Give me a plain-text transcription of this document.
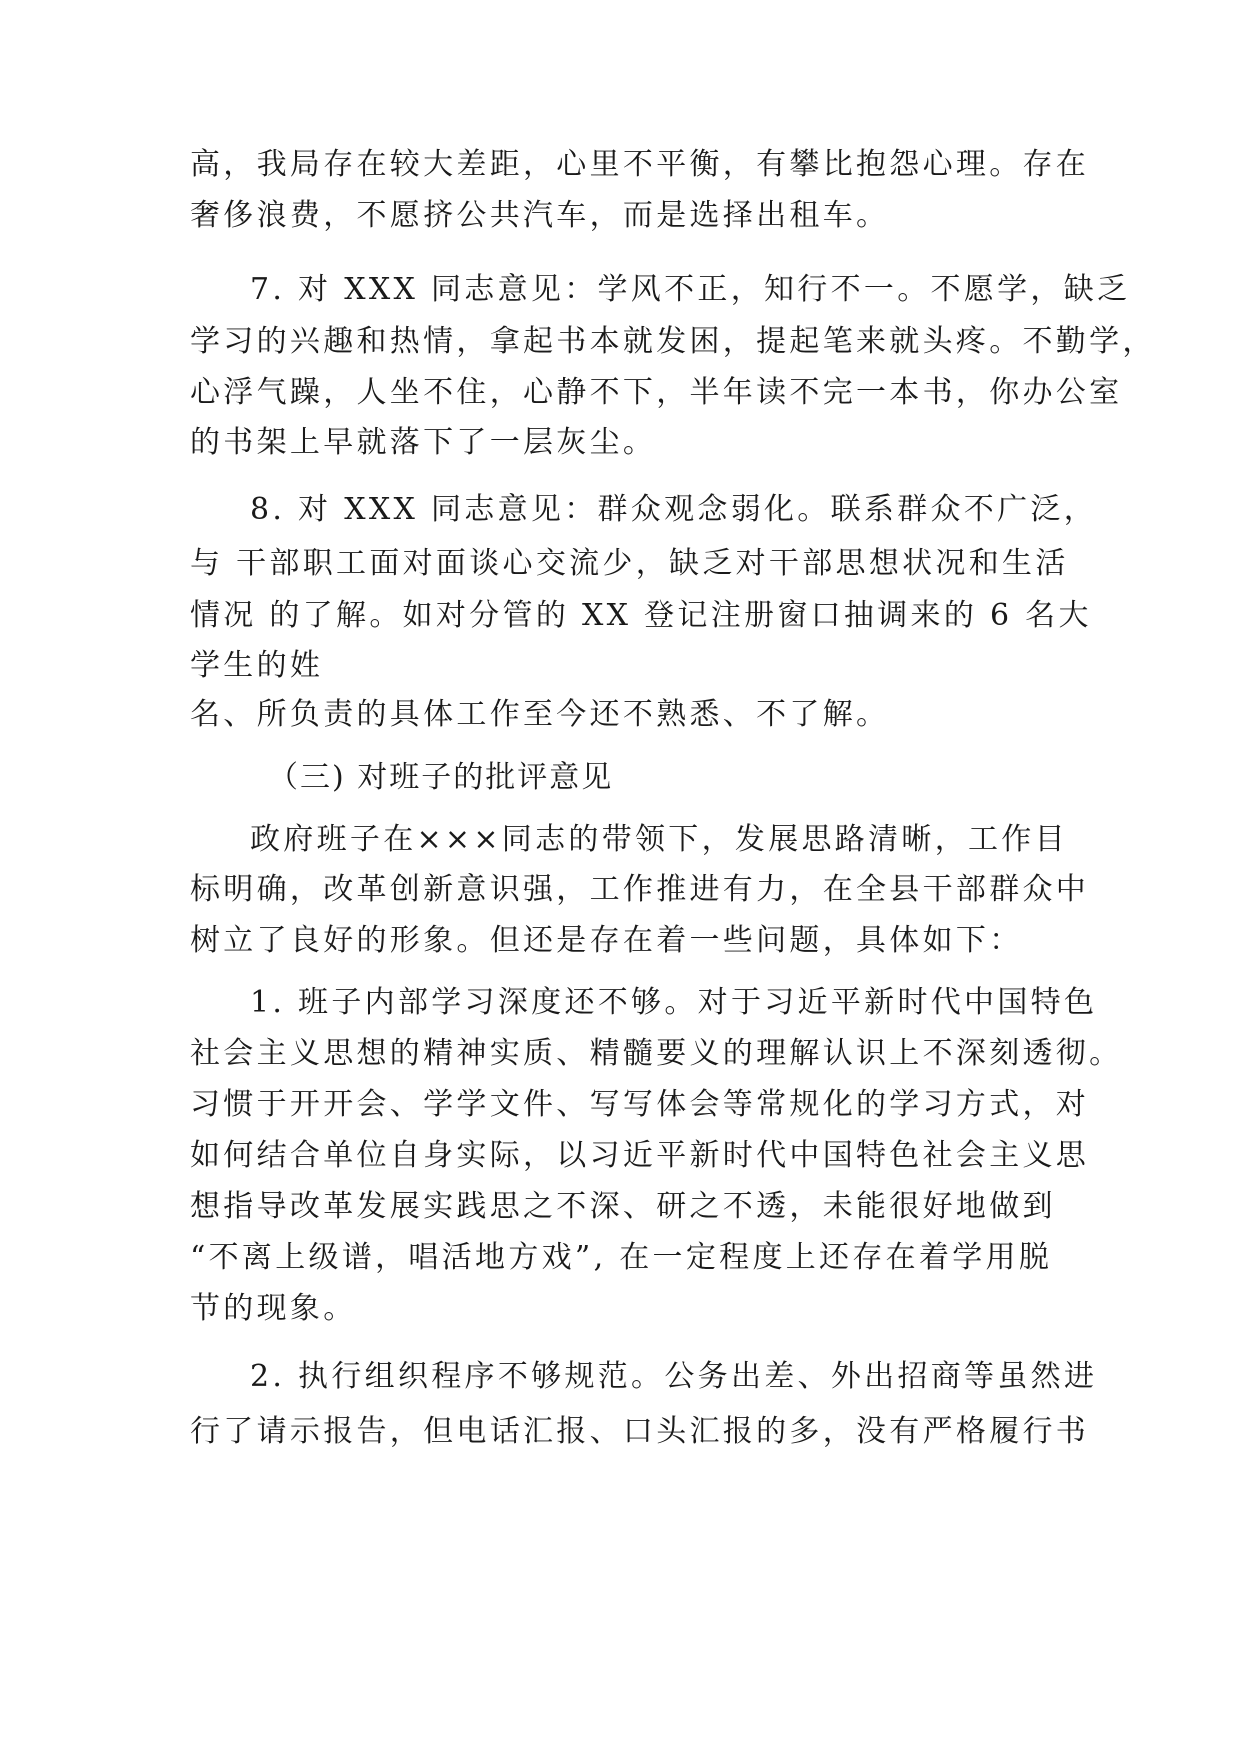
高，我局存在较大差距，心里不平衡，有攀比抱怨心理。存在

奢侈浪费，不愿挤公共汽车，而是选择出租车。

7. 对 XXX 同志意见：学风不正，知行不一。不愿学，缺乏

学习的兴趣和热情，拿起书本就发困，提起笔来就头疼。不勤学，

心浮气躁，人坐不住，心静不下，半年读不完一本书，你办公室

的书架上早就落下了一层灰尘。

8. 对 XXX 同志意见：群众观念弱化。联系群众不广泛，

与 干部职工面对面谈心交流少，缺乏对干部思想状况和生活

情况 的了解。如对分管的 XX 登记注册窗口抽调来的 6 名大

学生的姓

名、所负责的具体工作至今还不熟悉、不了解。

（三) 对班子的批评意见

政府班子在×××同志的带领下，发展思路清晰，工作目

标明确，改革创新意识强，工作推进有力，在全县干部群众中

树立了良好的形象。但还是存在着一些问题，具体如下：

1. 班子内部学习深度还不够。对于习近平新时代中国特色

社会主义思想的精神实质、精髓要义的理解认识上不深刻透彻。

习惯于开开会、学学文件、写写体会等常规化的学习方式，对

如何结合单位自身实际，以习近平新时代中国特色社会主义思

想指导改革发展实践思之不深、研之不透，未能很好地做到

“不离上级谱，唱活地方戏”, 在一定程度上还存在着学用脱

节的现象。

2. 执行组织程序不够规范。公务出差、外出招商等虽然进

行了请示报告，但电话汇报、口头汇报的多，没有严格履行书
